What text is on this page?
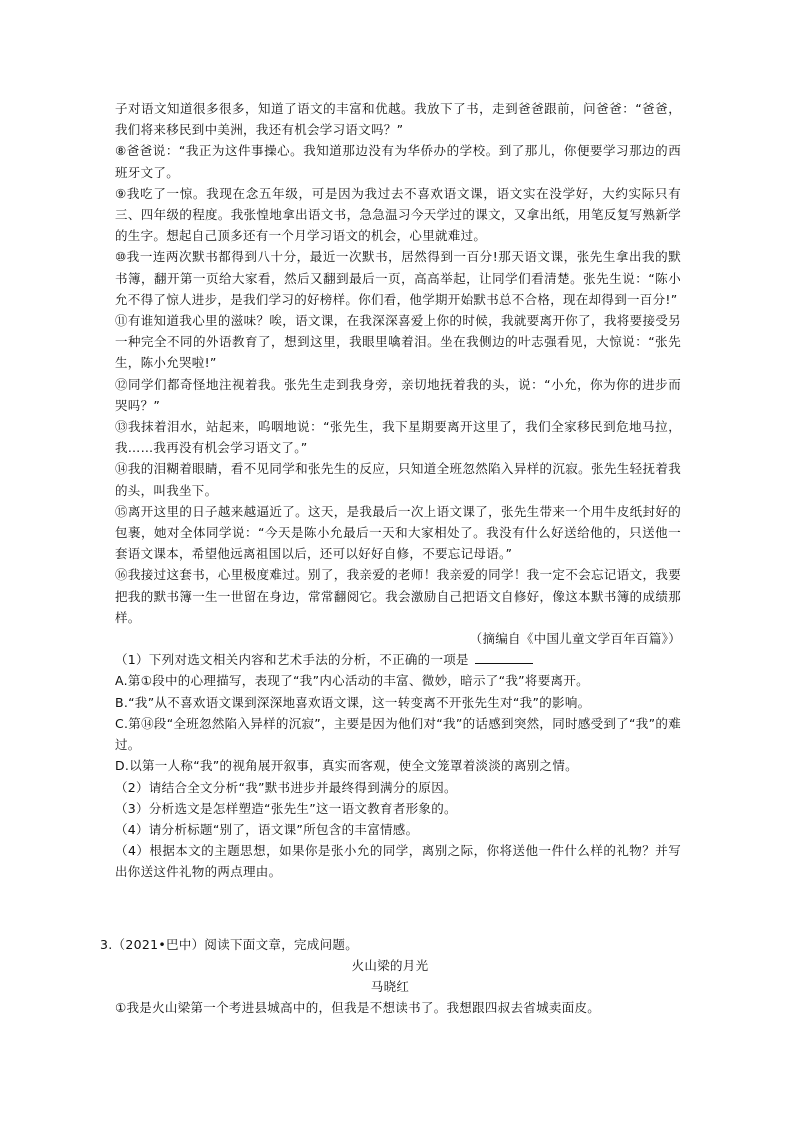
子对语文知道很多很多，知道了语文的丰富和优越。我放下了书，走到爸爸跟前，问爸爸：“爸爸，我们将来移民到中美洲，我还有机会学习语文吗？”

⑧爸爸说：“我正为这件事操心。我知道那边没有为华侨办的学校。到了那儿，你便要学习那边的西班牙文了。

⑨我吃了一惊。我现在念五年级，可是因为我过去不喜欢语文课，语文实在没学好，大约实际只有三、四年级的程度。我张惶地拿出语文书，急急温习今天学过的课文，又拿出纸，用笔反复写熟新学的生字。想起自己顶多还有一个月学习语文的机会，心里就难过。

⑩我一连两次默书都得到八十分，最近一次默书，居然得到一百分!那天语文课，张先生拿出我的默书簿，翻开第一页给大家看，然后又翻到最后一页，高高举起，让同学们看清楚。张先生说：“陈小允不得了惊人进步，是我们学习的好榜样。你们看，他学期开始默书总不合格，现在却得到一百分!”

⑪有谁知道我心里的滋味？唉，语文课，在我深深喜爱上你的时候，我就要离开你了，我将要接受另一种完全不同的外语教育了，想到这里，我眼里噙着泪。坐在我侧边的叶志强看见，大惊说：“张先生，陈小允哭啦!”

⑫同学们都奇怪地注视着我。张先生走到我身旁，亲切地抚着我的头，说：“小允，你为你的进步而哭吗？”

⑬我抹着泪水，站起来，呜咽地说：“张先生，我下星期要离开这里了，我们全家移民到危地马拉，我……我再没有机会学习语文了。”

⑭我的泪糊着眼睛，看不见同学和张先生的反应，只知道全班忽然陷入异样的沉寂。张先生轻抚着我的头，叫我坐下。

⑮离开这里的日子越来越逼近了。这天，是我最后一次上语文课了，张先生带来一个用牛皮纸封好的包裹，她对全体同学说：“今天是陈小允最后一天和大家相处了。我没有什么好送给他的，只送他一套语文课本，希望他远离祖国以后，还可以好好自修，不要忘记母语。”

⑯我接过这套书，心里极度难过。别了，我亲爱的老师！我亲爱的同学！我一定不会忘记语文，我要把我的默书簿一生一世留在身边，常常翻阅它。我会激励自己把语文自修好，像这本默书簿的成绩那样。

（摘编自《中国儿童文学百年百篇》）

（1）下列对选文相关内容和艺术手法的分析，不正确的一项是

A.第①段中的心理描写，表现了“我”内心活动的丰富、微妙，暗示了“我”将要离开。

B.“我”从不喜欢语文课到深深地喜欢语文课，这一转变离不开张先生对“我”的影响。

C.第⑭段“全班忽然陷入异样的沉寂”，主要是因为他们对“我”的话感到突然，同时感受到了“我”的难过。

D.以第一人称“我”的视角展开叙事，真实而客观，使全文笼罩着淡淡的离别之情。

（2）请结合全文分析“我”默书进步并最终得到满分的原因。

（3）分析选文是怎样塑造“张先生”这一语文教育者形象的。

（4）请分析标题“别了，语文课”所包含的丰富情感。

（4）根据本文的主题思想，如果你是张小允的同学，离别之际，你将送他一件什么样的礼物？并写出你送这件礼物的两点理由。

3.（2021•巴中）阅读下面文章，完成问题。
火山梁的月光
马晓红
①我是火山梁第一个考进县城高中的，但我是不想读书了。我想跟四叔去省城卖面皮。
